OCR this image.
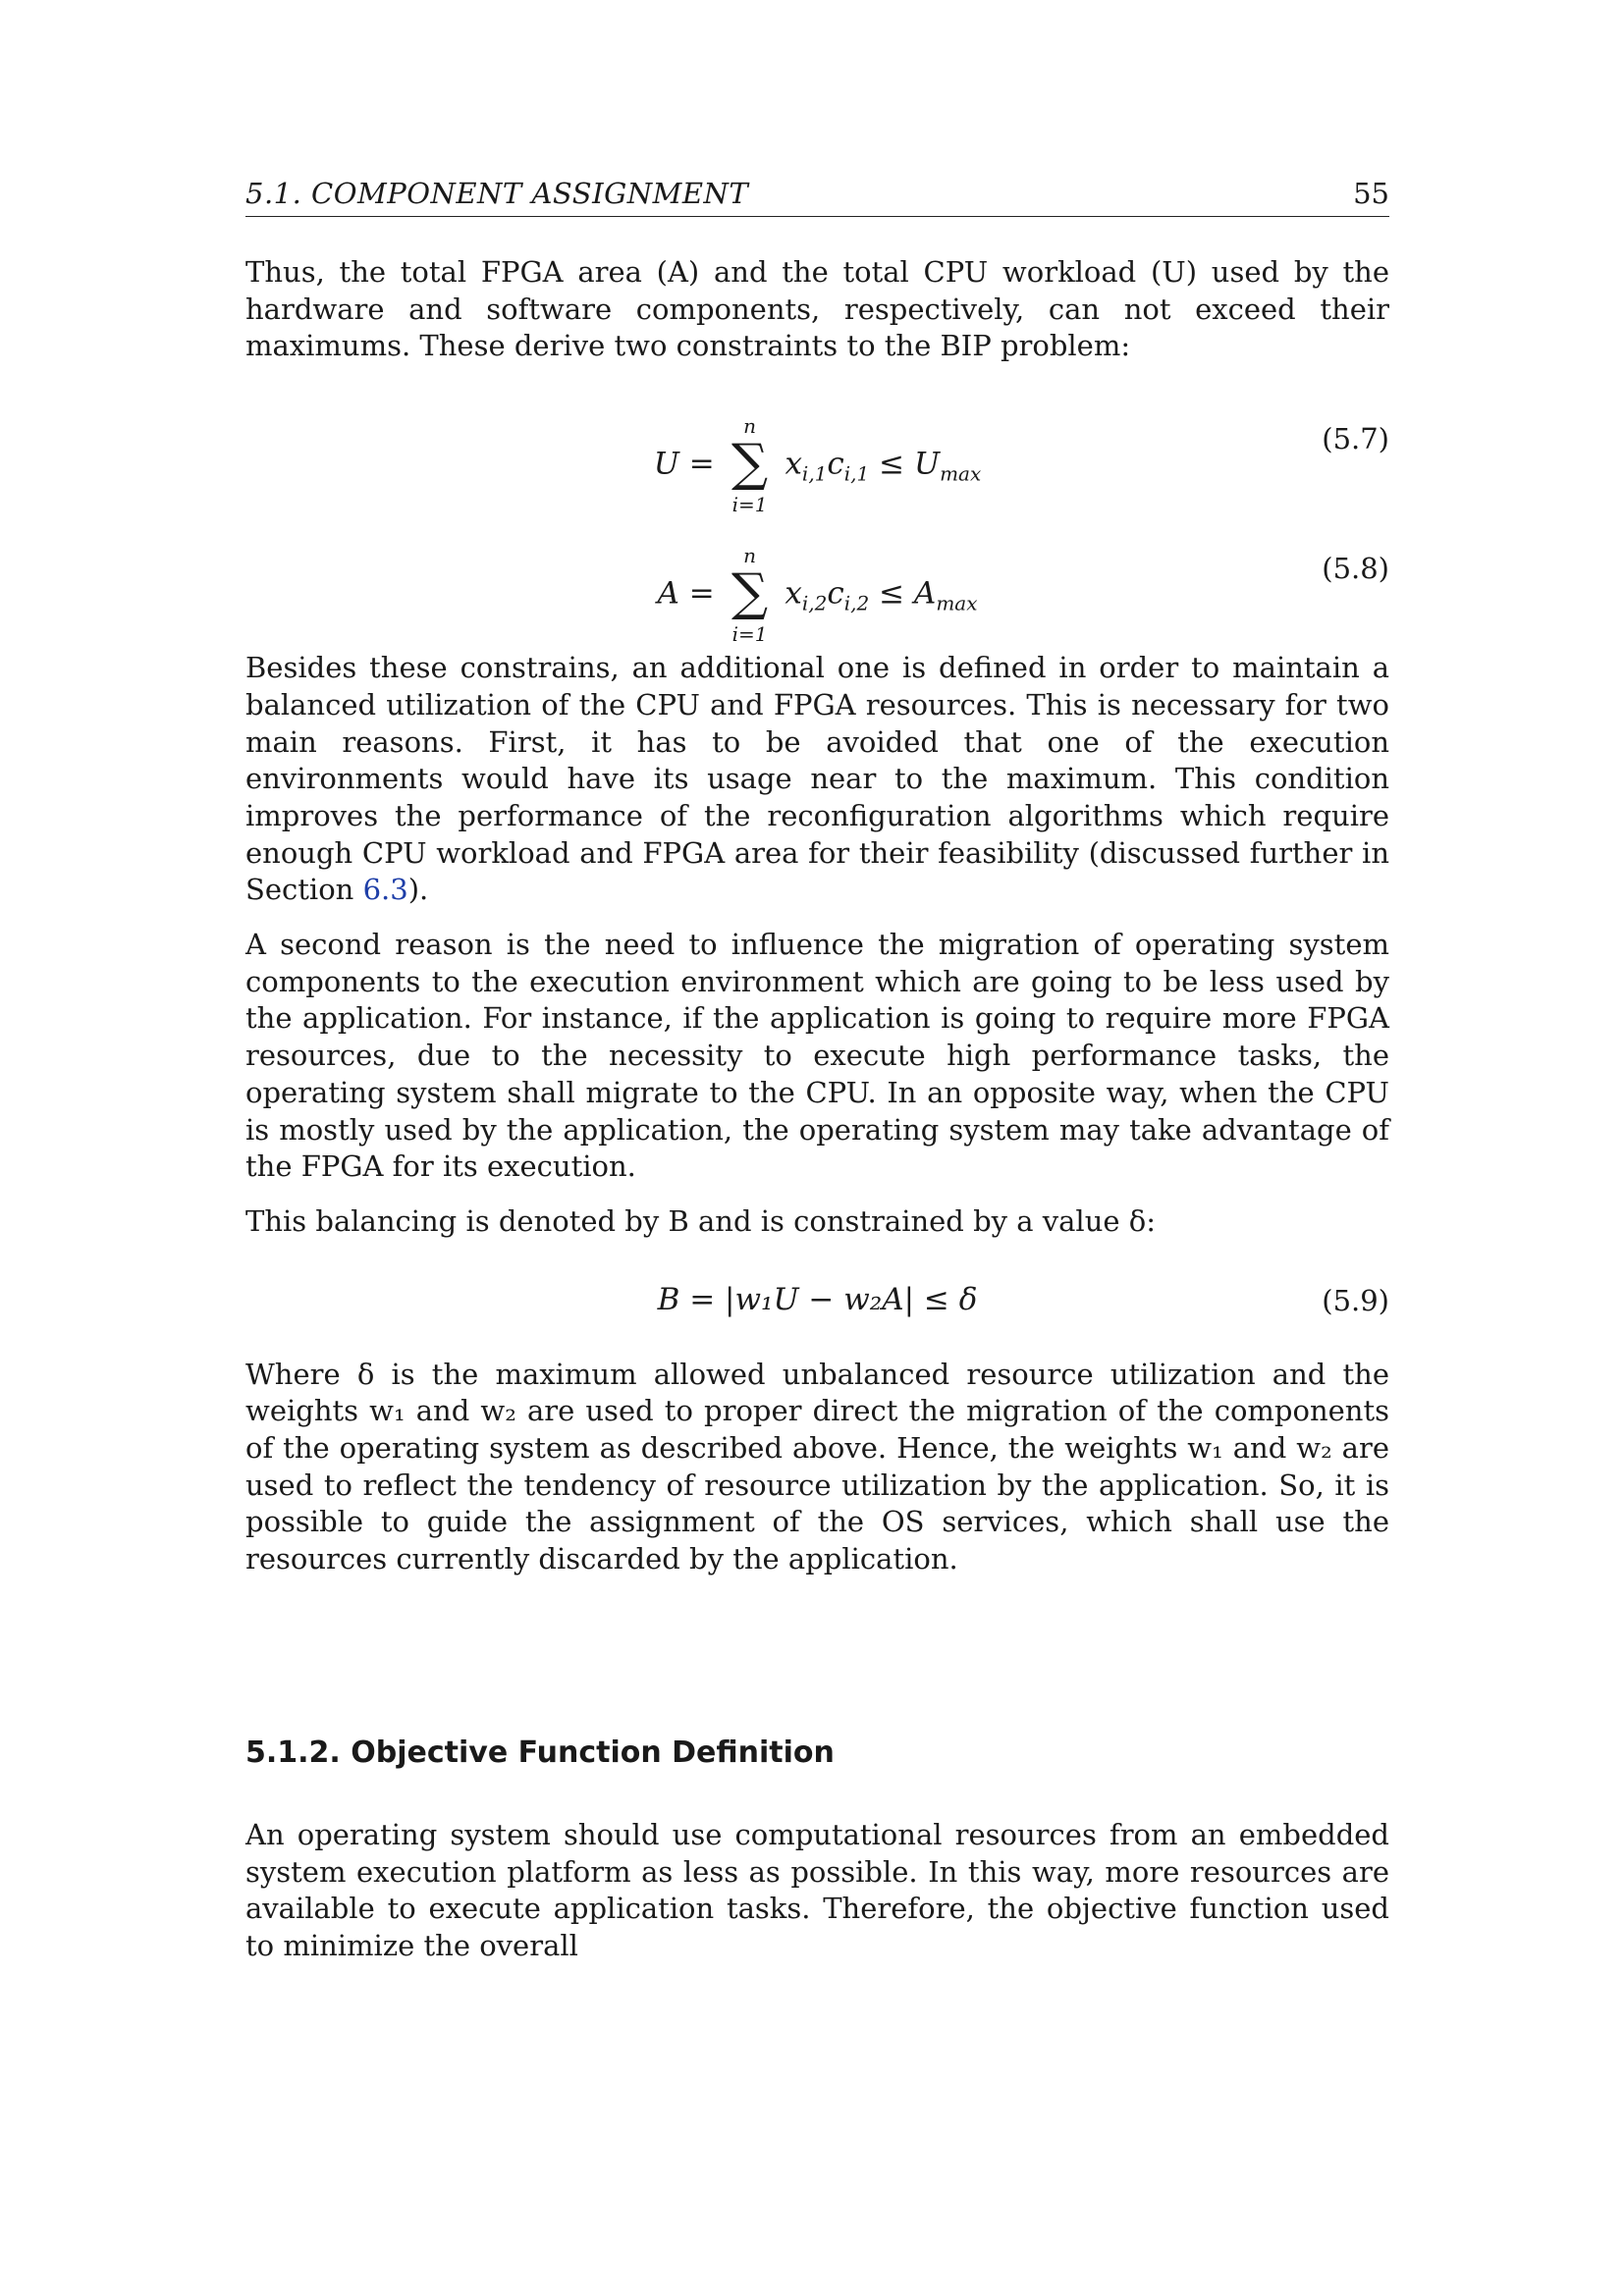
5.1. COMPONENT ASSIGNMENT	55

Thus, the total FPGA area (A) and the total CPU workload (U) used by the hardware and software components, respectively, can not exceed their maximums. These derive two constraints to the BIP problem:

U =
n
∑
i=1
$x_{i,1}c_{i,1} \le U_{max}$
(5.7)
A =
n
∑
i=1
$x_{i,2}c_{i,2} \le A_{max}$
(5.8)

Besides these constrains, an additional one is defined in order to maintain a balanced utilization of the CPU and FPGA resources. This is necessary for two main reasons. First, it has to be avoided that one of the execution environments would have its usage near to the maximum. This condition improves the performance of the reconfiguration algorithms which require enough CPU workload and FPGA area for their feasibility (discussed further in Section 6.3).

A second reason is the need to influence the migration of operating system components to the execution environment which are going to be less used by the application. For instance, if the application is going to require more FPGA resources, due to the necessity to execute high performance tasks, the operating system shall migrate to the CPU. In an opposite way, when the CPU is mostly used by the application, the operating system may take advantage of the FPGA for its execution.

This balancing is denoted by B and is constrained by a value δ:

B = |w₁U − w₂A| ≤ δ	(5.9)

Where δ is the maximum allowed unbalanced resource utilization and the weights w₁ and w₂ are used to proper direct the migration of the components of the operating system as described above. Hence, the weights w₁ and w₂ are used to reflect the tendency of resource utilization by the application. So, it is possible to guide the assignment of the OS services, which shall use the resources currently discarded by the application.

5.1.2. Objective Function Definition

An operating system should use computational resources from an embedded system execution platform as less as possible. In this way, more resources are available to execute application tasks. Therefore, the objective function used to minimize the overall
